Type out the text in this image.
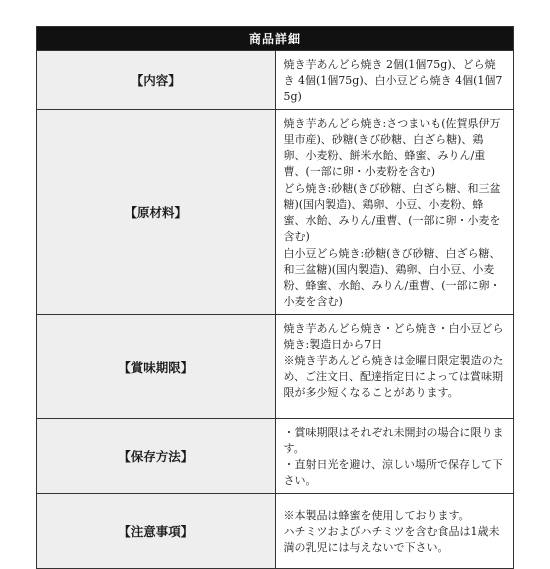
商品詳細	
【内容】	焼き芋あんどら焼き 2個(1個75g)、どら焼き 4個(1個75g)、白小豆どら焼き 4個(1個75g)

【原材料】	焼き芋あんどら焼き:さつまいも(佐賀県伊万里市産)、砂糖(きび砂糖、白ざら糖)、鶏卵、小麦粉、餅米水飴、蜂蜜、みりん/重曹、(一部に卵・小麦粉を含む)
どら焼き:砂糖(きび砂糖、白ざら糖、和三盆糖)(国内製造)、鶏卵、小豆、小麦粉、蜂蜜、水飴、みりん/重曹、(一部に卵・小麦を含む)
白小豆どら焼き:砂糖(きび砂糖、白ざら糖、和三盆糖)(国内製造)、鶏卵、白小豆、小麦粉、蜂蜜、水飴、みりん/重曹、(一部に卵・小麦を含む)

【賞味期限】	焼き芋あんどら焼き・どら焼き・白小豆どら焼き:製造日から7日
※焼き芋あんどら焼きは金曜日限定製造のため、ご注文日、配達指定日によっては賞味期限が多少短くなることがあります。

【保存方法】	・賞味期限はそれぞれ未開封の場合に限ります。
・直射日光を避け、涼しい場所で保存して下さい。

【注意事項】	※本製品は蜂蜜を使用しております。
ハチミツおよびハチミツを含む食品は1歳未満の乳児には与えないで下さい。
